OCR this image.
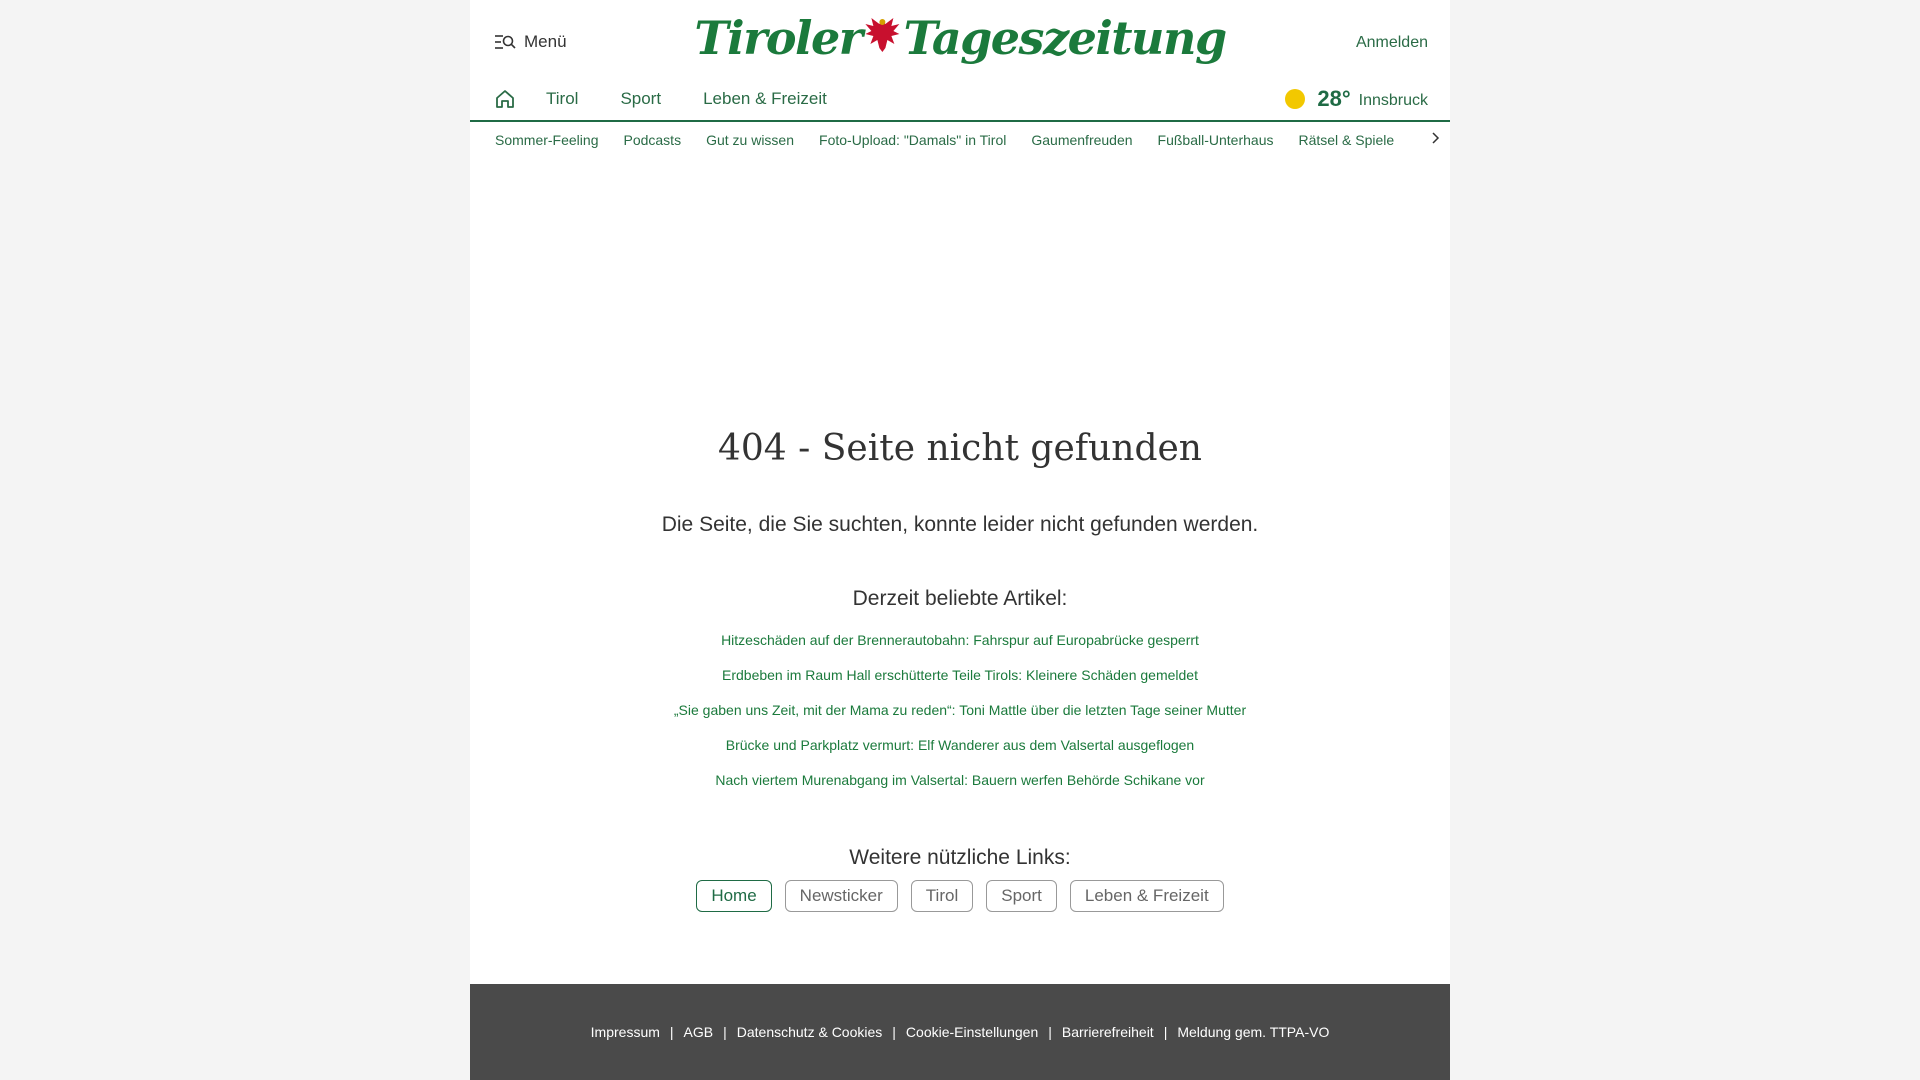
Menü	Tiroler Tageszeitung	Anmelden
Tirol Sport Leben & Freizeit	28° Innsbruck
Sommer-Feeling Podcasts Gut zu wissen Foto-Upload: "Damals" in Tirol Gaumenfreuden Fußball-Unterhaus Rätsel & Spiele
404 - Seite nicht gefunden
Die Seite, die Sie suchten, konnte leider nicht gefunden werden.
Derzeit beliebte Artikel:
Hitzeschäden auf der Brennerautobahn: Fahrspur auf Europabrücke gesperrt
Erdbeben im Raum Hall erschütterte Teile Tirols: Kleinere Schäden gemeldet
„Sie gaben uns Zeit, mit der Mama zu reden“: Toni Mattle über die letzten Tage seiner Mutter
Brücke und Parkplatz vermurt: Elf Wanderer aus dem Valsertal ausgeflogen
Nach viertem Murenabgang im Valsertal: Bauern werfen Behörde Schikane vor
Weitere nützliche Links:
Home	Newsticker	Tirol	Sport	Leben & Freizeit
Impressum | AGB | Datenschutz & Cookies | Cookie-Einstellungen | Barrierefreiheit | Meldung gem. TTPA-VO
